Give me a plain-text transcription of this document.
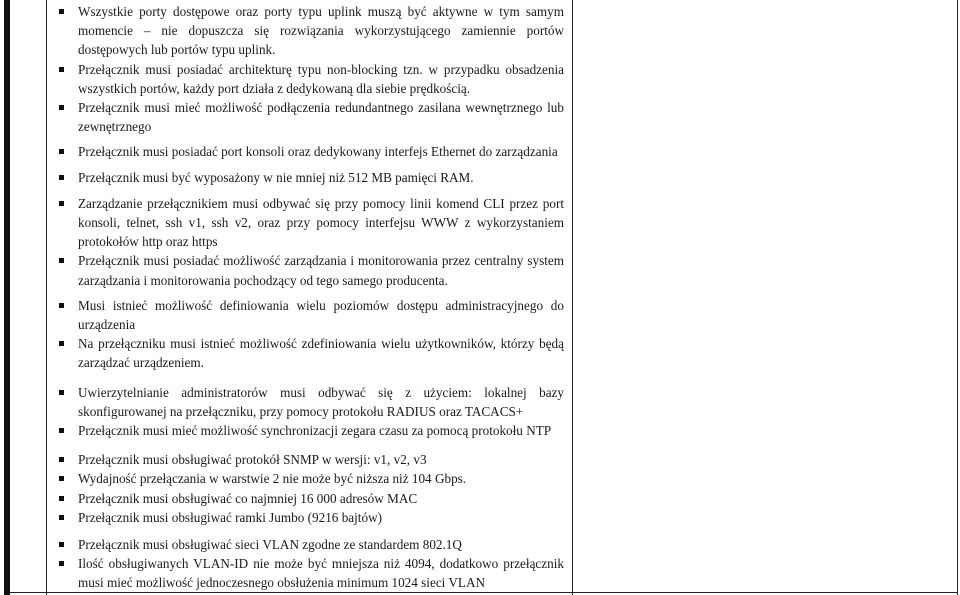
Wszystkie porty dostępowe oraz porty typu uplink muszą być aktywne w tym samym momencie – nie dopuszcza się rozwiązania wykorzystującego zamiennie portów dostępowych lub portów typu uplink.
Przełącznik musi posiadać architekturę typu non-blocking tzn. w przypadku obsadzenia wszystkich portów, każdy port działa z dedykowaną dla siebie prędkością.
Przełącznik musi mieć możliwość podłączenia redundantnego zasilana wewnętrznego lub zewnętrznego
Przełącznik musi posiadać port konsoli oraz dedykowany interfejs Ethernet do zarządzania
Przełącznik musi być wyposażony w nie mniej niż 512 MB pamięci RAM.
Zarządzanie przełącznikiem musi odbywać się przy pomocy linii komend CLI przez port konsoli, telnet, ssh v1, ssh v2, oraz przy pomocy interfejsu WWW z wykorzystaniem protokołów http oraz https
Przełącznik musi posiadać możliwość zarządzania i monitorowania przez centralny system zarządzania i monitorowania pochodzący od tego samego producenta.
Musi istnieć możliwość definiowania wielu poziomów dostępu administracyjnego do urządzenia
Na przełączniku musi istnieć możliwość zdefiniowania wielu użytkowników, którzy będą zarządzać urządzeniem.
Uwierzytelnianie administratorów musi odbywać się z użyciem: lokalnej bazy skonfigurowanej na przełączniku, przy pomocy protokołu RADIUS oraz TACACS+
Przełącznik musi mieć możliwość synchronizacji zegara czasu za pomocą protokołu NTP
Przełącznik musi obsługiwać protokół SNMP w wersji: v1, v2, v3
Wydajność przełączania w warstwie 2 nie może być niższa niż 104 Gbps.
Przełącznik musi obsługiwać co najmniej 16 000 adresów MAC
Przełącznik musi obsługiwać ramki Jumbo (9216 bajtów)
Przełącznik musi obsługiwać sieci VLAN zgodne ze standardem 802.1Q
Ilość obsługiwanych VLAN-ID nie może być mniejsza niż 4094, dodatkowo przełącznik musi mieć możliwość jednoczesnego obsłużenia minimum 1024 sieci VLAN
